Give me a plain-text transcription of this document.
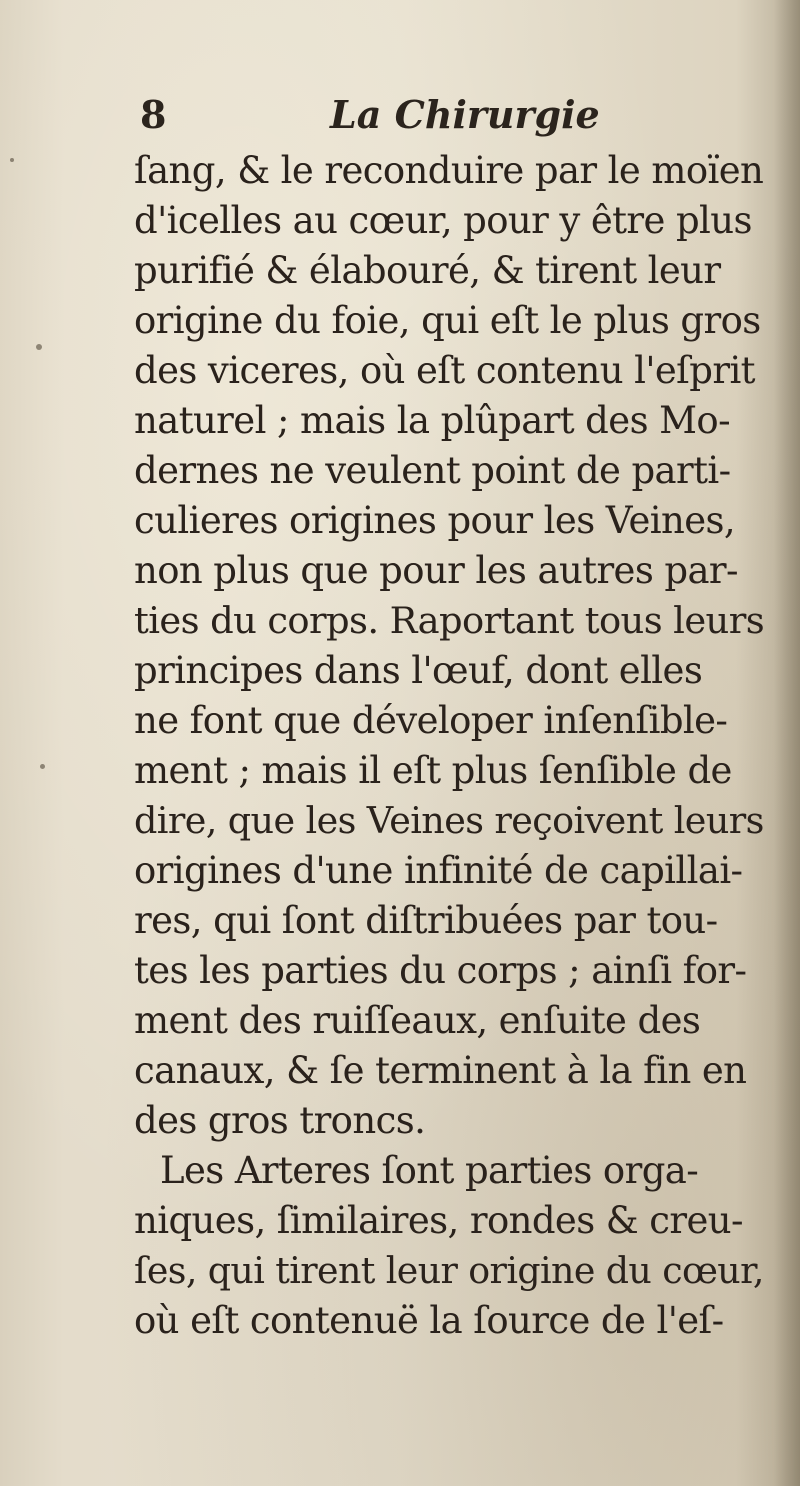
8	La Chirurgie
ſang, & le reconduire par le moïen
d'icelles au cœur, pour y être plus
purifié & élabouré, & tirent leur
origine du foie, qui eſt le plus gros
des viceres, où eſt contenu l'eſprit
naturel ; mais la plûpart des Mo-
dernes ne veulent point de parti-
culieres origines pour les Veines,
non plus que pour les autres par-
ties du corps. Raportant tous leurs
principes dans l'œuf, dont elles
ne font que déveloper inſenſible-
ment ; mais il eſt plus ſenſible de
dire, que les Veines reçoivent leurs
origines d'une infinité de capillai-
res, qui ſont diſtribuées par tou-
tes les parties du corps ; ainſi for-
ment des ruiſſeaux, enſuite des
canaux, & ſe terminent à la fin en
des gros troncs.
Les Arteres ſont parties orga-
niques, ſimilaires, rondes & creu-
ſes, qui tirent leur origine du cœur,
où eſt contenuë la ſource de l'eſ-
